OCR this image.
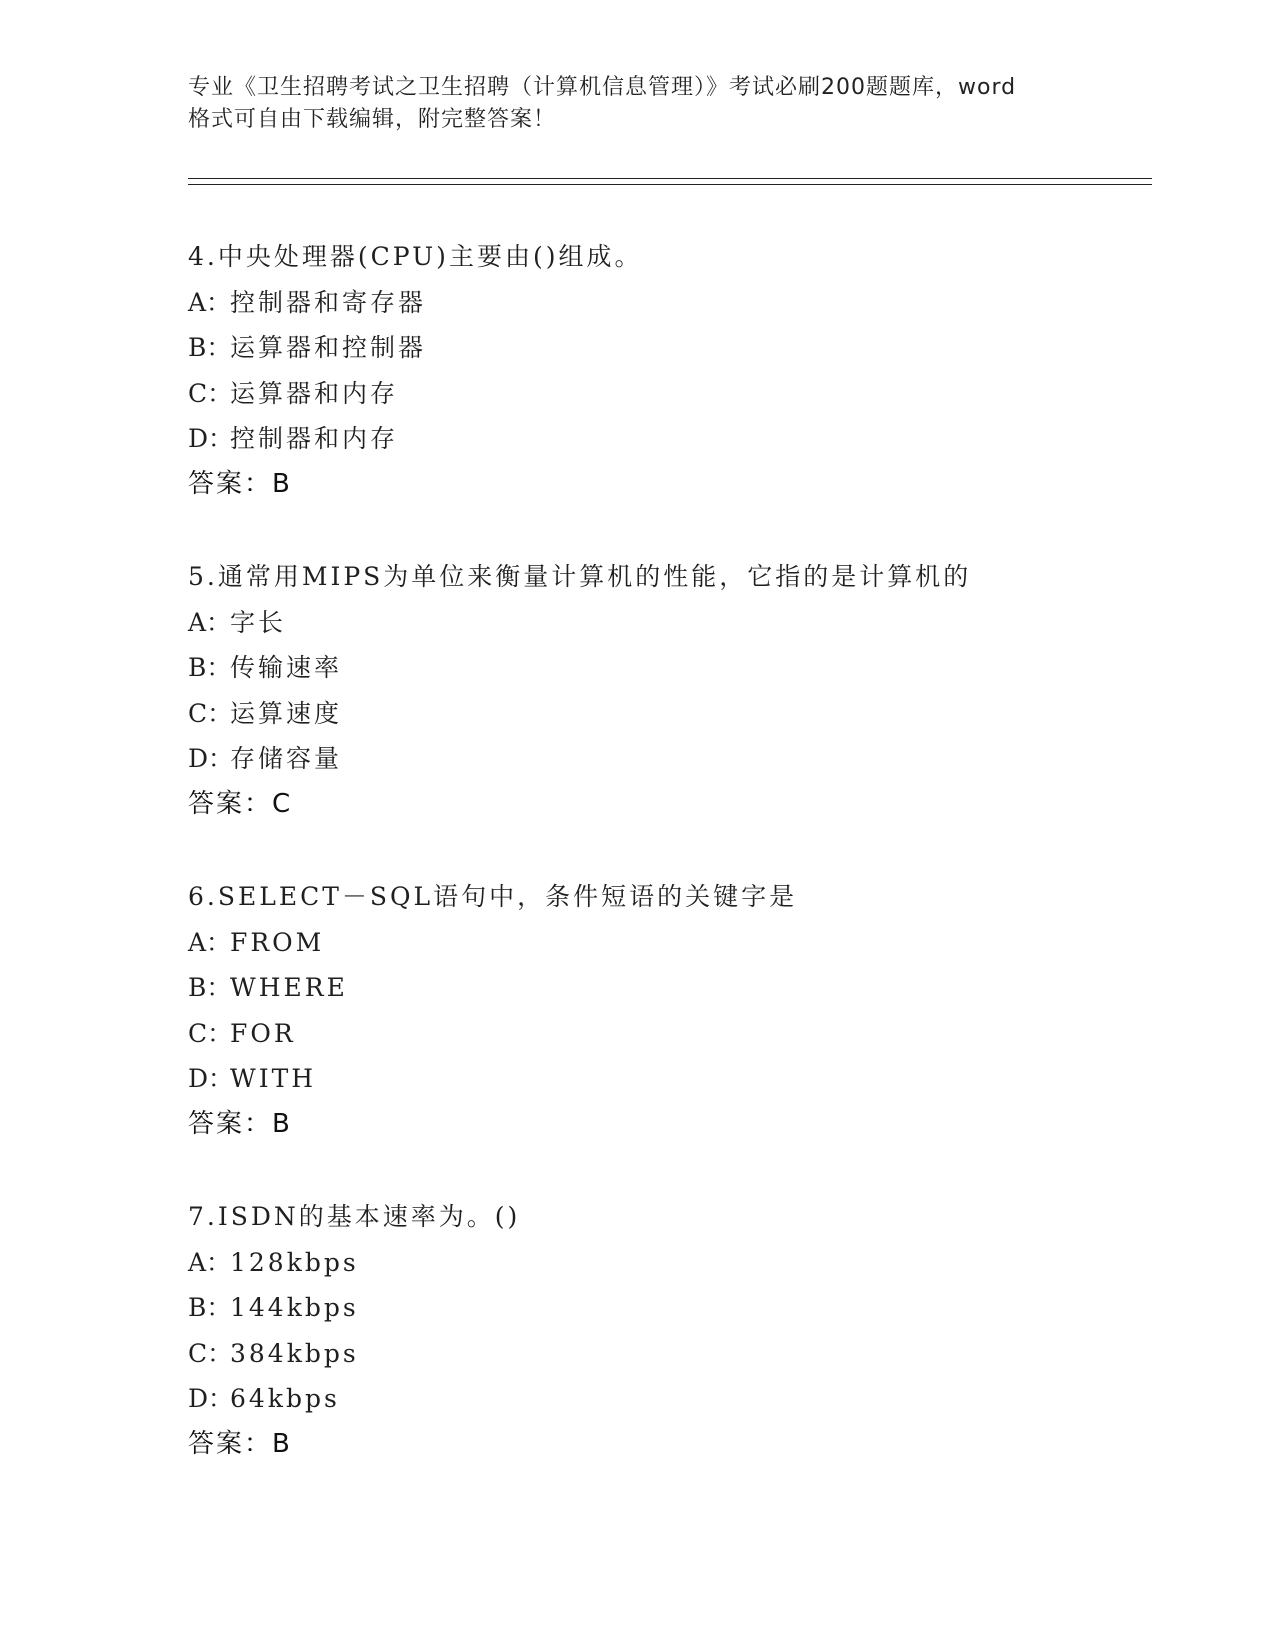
专业《卫生招聘考试之卫生招聘（计算机信息管理）》考试必刷200题题库，word
格式可自由下载编辑，附完整答案！
4.中央处理器(CPU)主要由()组成。
A：控制器和寄存器
B：运算器和控制器
C：运算器和内存
D：控制器和内存
答案：B
5.通常用MIPS为单位来衡量计算机的性能，它指的是计算机的
A：字长
B：传输速率
C：运算速度
D：存储容量
答案：C
6.SELECT－SQL语句中，条件短语的关键字是
A：FROM
B：WHERE
C：FOR
D：WITH
答案：B
7.ISDN的基本速率为。()
A：128kbps
B：144kbps
C：384kbps
D：64kbps
答案：B
